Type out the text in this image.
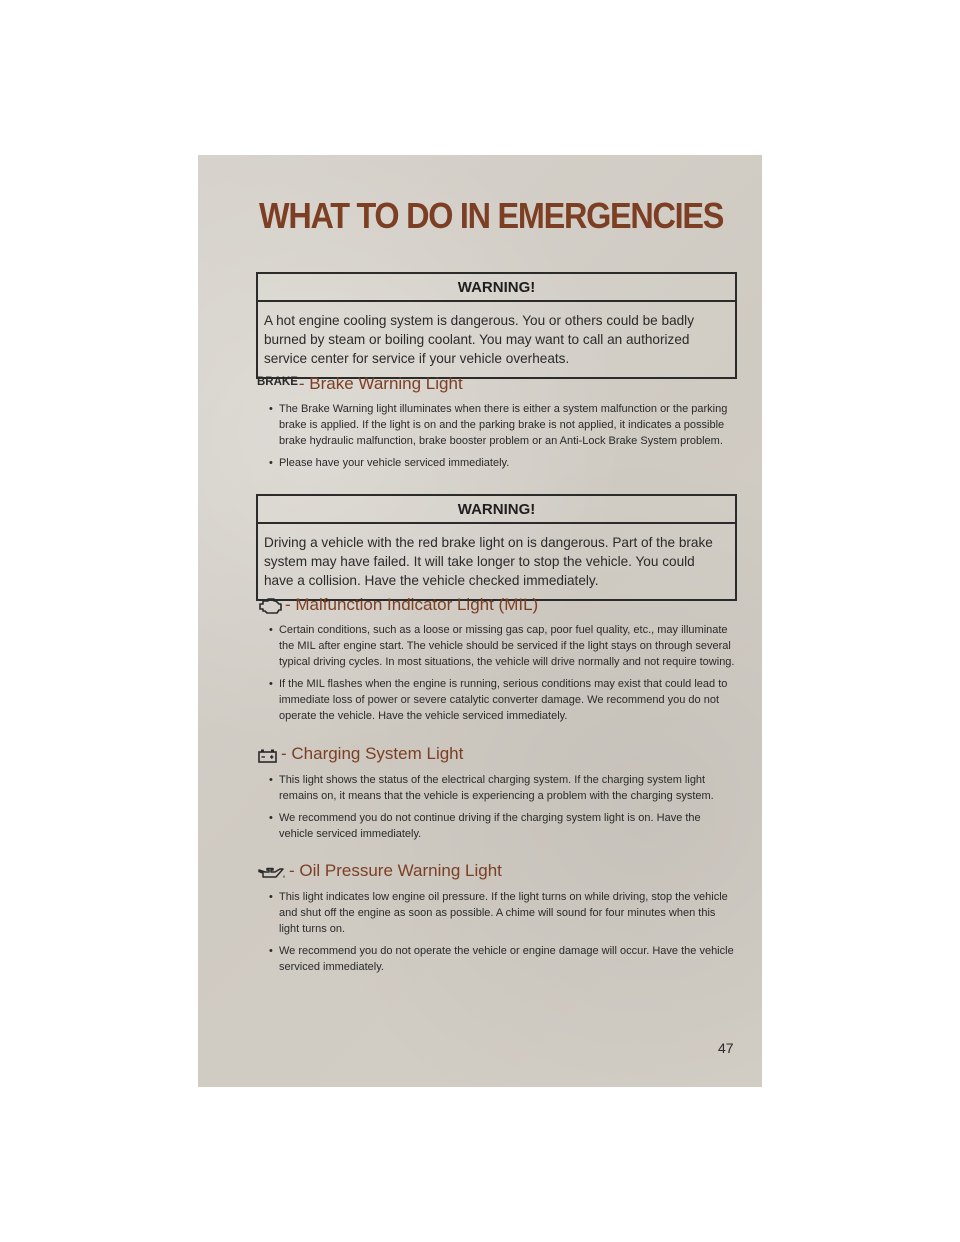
WHAT TO DO IN EMERGENCIES
WARNING!
A hot engine cooling system is dangerous. You or others could be badly burned by steam or boiling coolant. You may want to call an authorized service center for service if your vehicle overheats.
BRAKE - Brake Warning Light
•  The Brake Warning light illuminates when there is either a system malfunction or the parking brake is applied. If the light is on and the parking brake is not applied, it indicates a possible brake hydraulic malfunction, brake booster problem or an Anti-Lock Brake System problem.
•  Please have your vehicle serviced immediately.
WARNING!
Driving a vehicle with the red brake light on is dangerous. Part of the brake system may have failed. It will take longer to stop the vehicle. You could have a collision. Have the vehicle checked immediately.
- Malfunction Indicator Light (MIL)
•  Certain conditions, such as a loose or missing gas cap, poor fuel quality, etc., may illuminate the MIL after engine start. The vehicle should be serviced if the light stays on through several typical driving cycles. In most situations, the vehicle will drive normally and not require towing.
•  If the MIL flashes when the engine is running, serious conditions may exist that could lead to immediate loss of power or severe catalytic converter damage. We recommend you do not operate the vehicle. Have the vehicle serviced immediately.
- Charging System Light
•  This light shows the status of the electrical charging system. If the charging system light remains on, it means that the vehicle is experiencing a problem with the charging system.
•  We recommend you do not continue driving if the charging system light is on. Have the vehicle serviced immediately.
- Oil Pressure Warning Light
•  This light indicates low engine oil pressure. If the light turns on while driving, stop the vehicle and shut off the engine as soon as possible. A chime will sound for four minutes when this light turns on.
•  We recommend you do not operate the vehicle or engine damage will occur. Have the vehicle serviced immediately.
47
